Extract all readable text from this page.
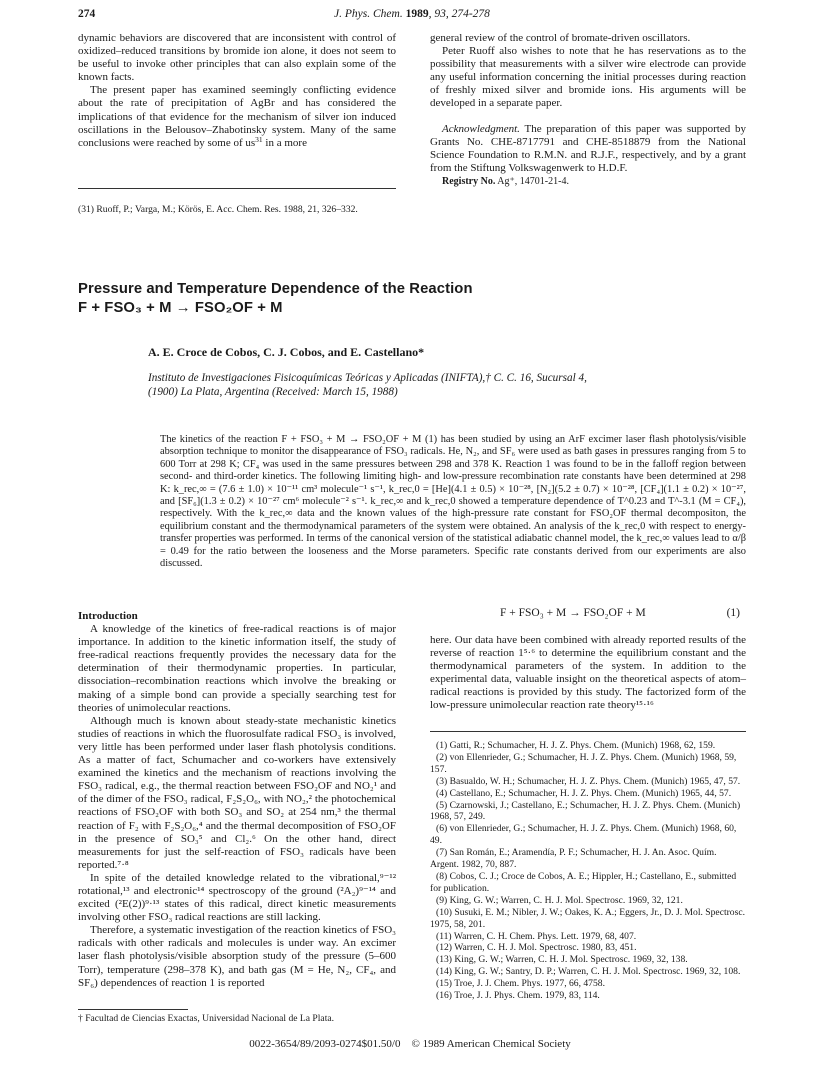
274	J. Phys. Chem. 1989, 93, 274-278

dynamic behaviors are discovered that are inconsistent with control of oxidized–reduced transitions by bromide ion alone, it does not seem to be useful to invoke other principles that can also explain some of the known facts.

The present paper has examined seemingly conflicting evidence about the rate of precipitation of AgBr and has considered the implications of that evidence for the mechanism of silver ion induced oscillations in the Belousov–Zhabotinsky system. Many of the same conclusions were reached by some of $us^{31}$ in a more

(31) Ruoff, P.; Varga, M.; Körös, E. Acc. Chem. Res. 1988, 21, 326–332.

general review of the control of bromate-driven oscillators.

Peter Ruoff also wishes to note that he has reservations as to the possibility that measurements with a silver wire electrode can provide any useful information concerning the initial processes during reaction of freshly mixed silver and bromide ions. His arguments will be developed in a separate paper.

Acknowledgment. The preparation of this paper was supported by Grants No. CHE-8717791 and CHE-8518879 from the National Science Foundation to R.M.N. and R.J.F., respectively, and by a grant from the Stiftung Volkswagenwerk to H.D.F.

Registry No. Ag⁺, 14701-21-4.

Pressure and Temperature Dependence of the Reaction
F + FSO₃ + M → FSO₂OF + M
A. E. Croce de Cobos, C. J. Cobos, and E. Castellano*
Instituto de Investigaciones Fisicoquímicas Teóricas y Aplicadas (INIFTA),† C. C. 16, Sucursal 4,
(1900) La Plata, Argentina (Received: March 15, 1988)
The kinetics of the reaction F + FSO₃ + M → FSO₂OF + M (1) has been studied by using an ArF excimer laser flash photolysis/visible absorption technique to monitor the disappearance of FSO₃ radicals. He, N₂, and SF₆ were used as bath gases in pressures ranging from 5 to 600 Torr at 298 K; CF₄ was used in the same pressures between 298 and 378 K. Reaction 1 was found to be in the falloff region between second- and third-order kinetics. The following limiting high- and low-pressure recombination rate constants have been determined at 298 K: k_rec,∞ = (7.6 ± 1.0) × 10⁻¹¹ cm³ molecule⁻¹ s⁻¹, k_rec,0 = [He](4.1 ± 0.5) × 10⁻²⁸, [N₂](5.2 ± 0.7) × 10⁻²⁸, [CF₄](1.1 ± 0.2) × 10⁻²⁷, and [SF₆](1.3 ± 0.2) × 10⁻²⁷ cm⁶ molecule⁻² s⁻¹. k_rec,∞ and k_rec,0 showed a temperature dependence of T^0.23 and T^-3.1 (M = CF₄), respectively. With the k_rec,∞ data and the known values of the high-pressure rate constant for FSO₂OF thermal decompositon, the equilibrium constant and the thermodynamical parameters of the system were obtained. An analysis of the k_rec,0 with respect to energy-transfer properties was performed. In terms of the canonical version of the statistical adiabatic channel model, the k_rec,∞ values lead to α/β = 0.49 for the ratio between the looseness and the Morse parameters. Specific rate constants derived from our experiments are also discussed.

Introduction

A knowledge of the kinetics of free-radical reactions is of major importance. In addition to the kinetic information itself, the study of free-radical reactions frequently provides the necessary data for the determination of their thermodynamic properties. In particular, dissociation–recombination reactions which involve the breaking or making of a simple bond can provide a specially searching test for theories of unimolecular reactions.

Although much is known about steady-state mechanistic kinetics studies of reactions in which the fluorosulfate radical FSO₃ is involved, very little has been performed under laser flash photolysis conditions. As a matter of fact, Schumacher and co-workers have extensively examined the kinetics and the mechanism of reactions involving the FSO₃ radical, e.g., the thermal reaction between FSO₂OF and NO₂¹ and of the dimer of the FSO₃ radical, F₂S₂O₆, with NO₂,² the photochemical reactions of FSO₂OF with both SO₃ and SO₂ at 254 nm,³ the thermal reaction of F₂ with F₂S₂O₆,⁴ and the thermal decomposition of FSO₂OF in the presence of SO₃⁵ and Cl₂.⁶ On the other hand, direct measurements for just the self-reaction of FSO₃ radicals have been reported.⁷·⁸

In spite of the detailed knowledge related to the vibrational,⁹⁻¹² rotational,¹³ and electronic¹⁴ spectroscopy of the ground (²A₂)⁹⁻¹⁴ and excited (²E(2))⁹·¹³ states of this radical, direct kinetic measurements involving other FSO₃ radical reactions are still lacking.

Therefore, a systematic investigation of the reaction kinetics of FSO₃ radicals with other radicals and molecules is under way. An excimer laser flash photolysis/visible absorption study of the pressure (5–600 Torr), temperature (298–378 K), and bath gas (M = He, N₂, CF₄, and SF₆) dependences of reaction 1 is reported

† Facultad de Ciencias Exactas, Universidad Nacional de La Plata.
F + FSO₃ + M → FSO₂OF + M	(1)

here. Our data have been combined with already reported results of the reverse of reaction 1⁵·⁶ to determine the equilibrium constant and the thermodynamical parameters of the system. In addition to the experimental data, valuable insight on the theoretical aspects of atom–radical reactions is provided by this study. The factorized form of the low-pressure unimolecular reaction rate theory¹⁵·¹⁶

(1) Gatti, R.; Schumacher, H. J. Z. Phys. Chem. (Munich) 1968, 62, 159.
(2) von Ellenrieder, G.; Schumacher, H. J. Z. Phys. Chem. (Munich) 1968, 59, 157.
(3) Basualdo, W. H.; Schumacher, H. J. Z. Phys. Chem. (Munich) 1965, 47, 57.
(4) Castellano, E.; Schumacher, H. J. Z. Phys. Chem. (Munich) 1965, 44, 57.
(5) Czarnowski, J.; Castellano, E.; Schumacher, H. J. Z. Phys. Chem. (Munich) 1968, 57, 249.
(6) von Ellenrieder, G.; Schumacher, H. J. Z. Phys. Chem. (Munich) 1968, 60, 49.
(7) San Román, E.; Aramendía, P. F.; Schumacher, H. J. An. Asoc. Quím. Argent. 1982, 70, 887.
(8) Cobos, C. J.; Croce de Cobos, A. E.; Hippler, H.; Castellano, E., submitted for publication.
(9) King, G. W.; Warren, C. H. J. Mol. Spectrosc. 1969, 32, 121.
(10) Susuki, E. M.; Nibler, J. W.; Oakes, K. A.; Eggers, Jr., D. J. Mol. Spectrosc. 1975, 58, 201.
(11) Warren, C. H. Chem. Phys. Lett. 1979, 68, 407.
(12) Warren, C. H. J. Mol. Spectrosc. 1980, 83, 451.
(13) King, G. W.; Warren, C. H. J. Mol. Spectrosc. 1969, 32, 138.
(14) King, G. W.; Santry, D. P.; Warren, C. H. J. Mol. Spectrosc. 1969, 32, 108.
(15) Troe, J. J. Chem. Phys. 1977, 66, 4758.
(16) Troe, J. J. Phys. Chem. 1979, 83, 114.
0022-3654/89/2093-0274$01.50/0 © 1989 American Chemical Society
